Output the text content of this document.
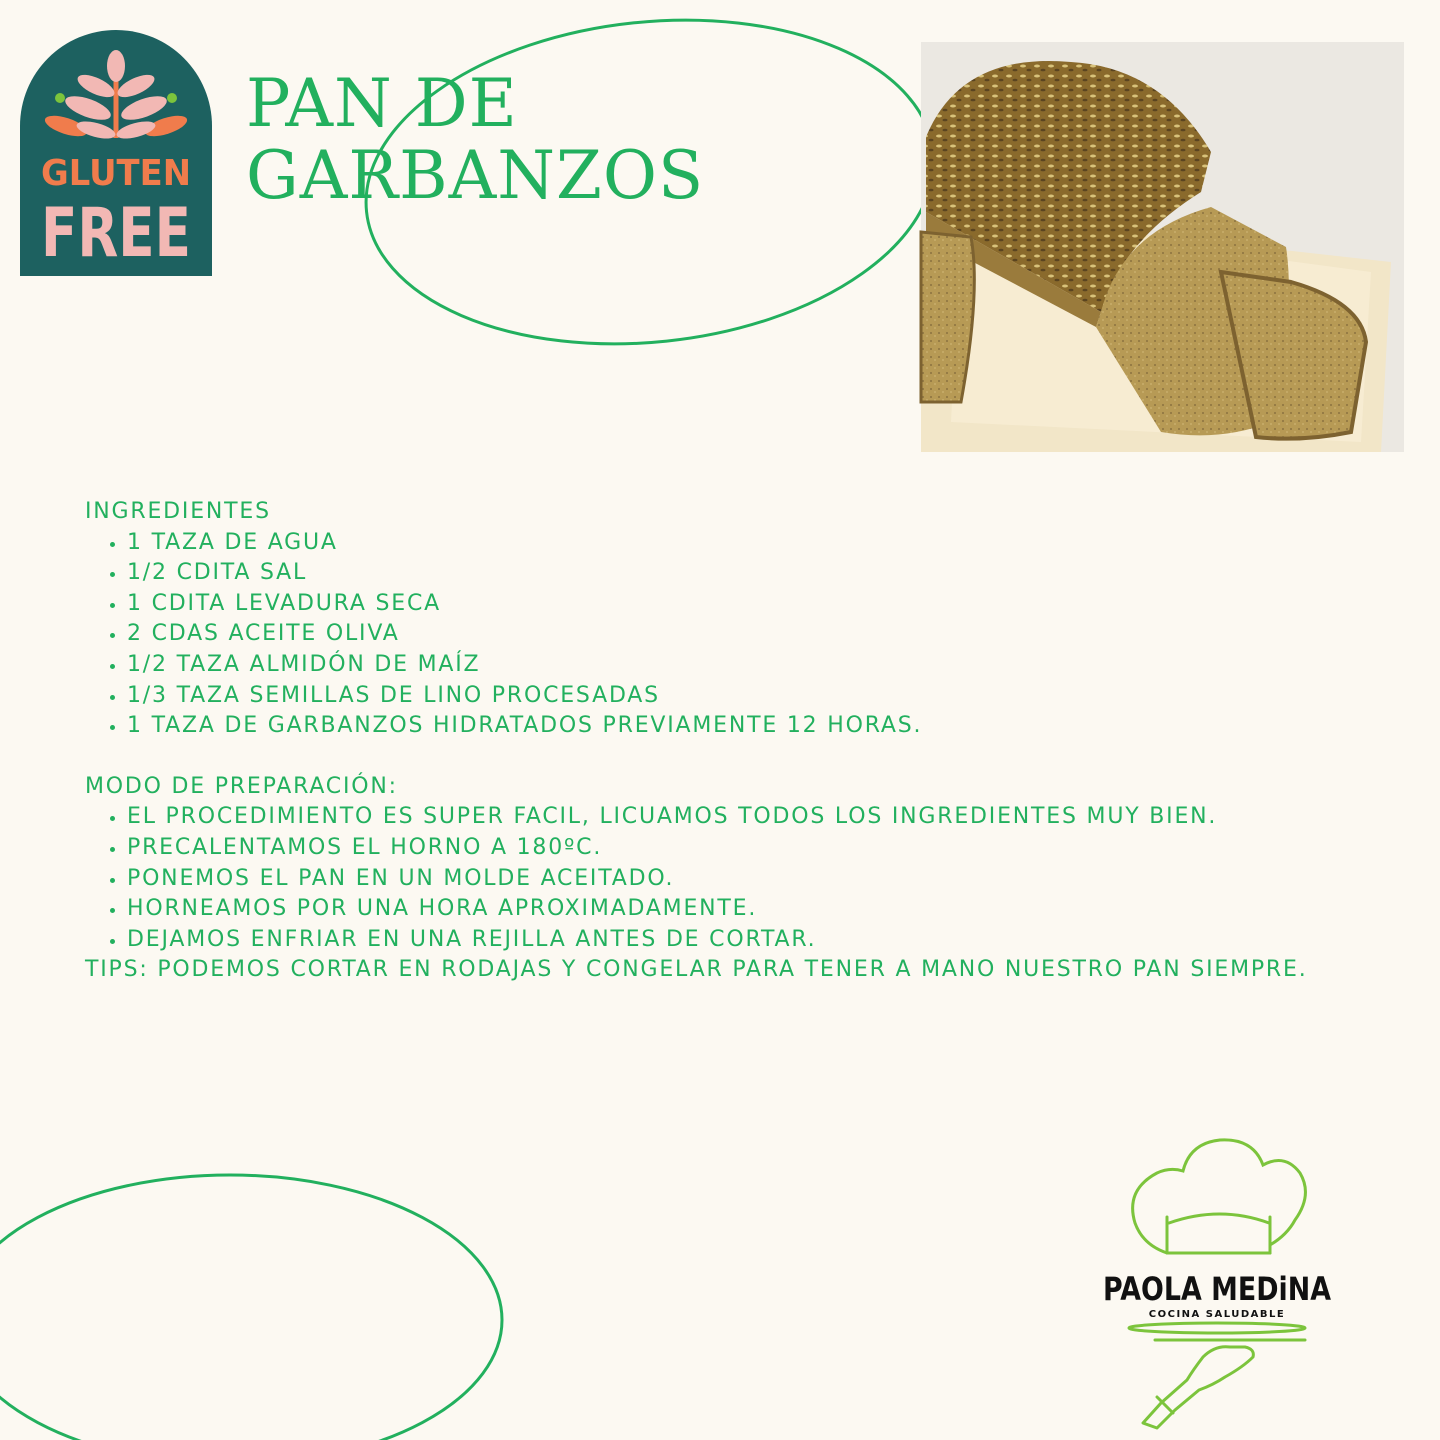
GLUTEN
FREE
PAN DE
GARBANZOS

INGREDIENTES

• 1 TAZA DE AGUA
• 1/2 CDITA SAL
• 1 CDITA LEVADURA SECA
• 2 CDAS ACEITE OLIVA
• 1/2 TAZA ALMIDÓN DE MAÍZ
• 1/3 TAZA SEMILLAS DE LINO PROCESADAS
• 1 TAZA DE GARBANZOS HIDRATADOS PREVIAMENTE 12 HORAS.

MODO DE PREPARACIÓN:

• EL PROCEDIMIENTO ES SUPER FACIL, LICUAMOS TODOS LOS INGREDIENTES MUY BIEN.
• PRECALENTAMOS EL HORNO A 180ºC.
• PONEMOS EL PAN EN UN MOLDE ACEITADO.
• HORNEAMOS POR UNA HORA APROXIMADAMENTE.
• DEJAMOS ENFRIAR EN UNA REJILLA ANTES DE CORTAR.

TIPS: PODEMOS CORTAR EN RODAJAS Y CONGELAR PARA TENER A MANO NUESTRO PAN SIEMPRE.

PAOLA MEDiNA
COCINA SALUDABLE
